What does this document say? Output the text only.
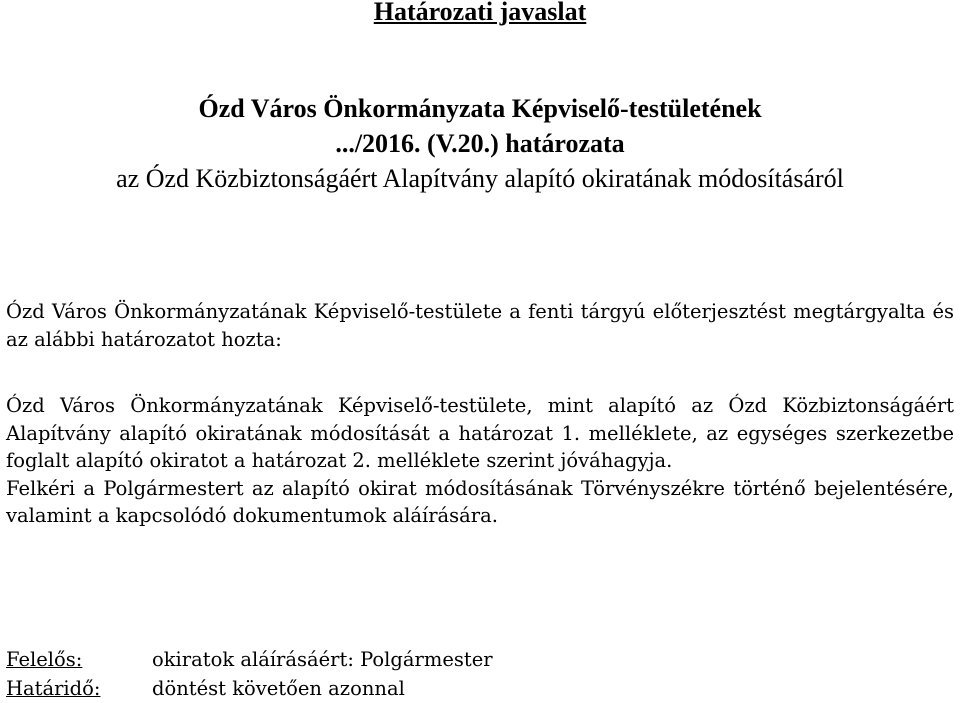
Határozati javaslat
Ózd Város Önkormányzata Képviselő-testületének
.../2016. (V.20.) határozata
az Ózd Közbiztonságáért Alapítvány alapító okiratának módosításáról

Ózd Város Önkormányzatának Képviselő-testülete a fenti tárgyú előterjesztést megtárgyalta és az alábbi határozatot hozta:

Ózd Város Önkormányzatának Képviselő-testülete, mint alapító az Ózd Közbiztonságáért Alapítvány alapító okiratának módosítását a határozat 1. melléklete, az egységes szerkezetbe foglalt alapító okiratot a határozat 2. melléklete szerint jóváhagyja.

Felkéri a Polgármestert az alapító okirat módosításának Törvényszékre történő bejelentésére, valamint a kapcsolódó dokumentumok aláírására.

Felelős:	okiratok aláírásáért: Polgármester
Határidő:	döntést követően azonnal
